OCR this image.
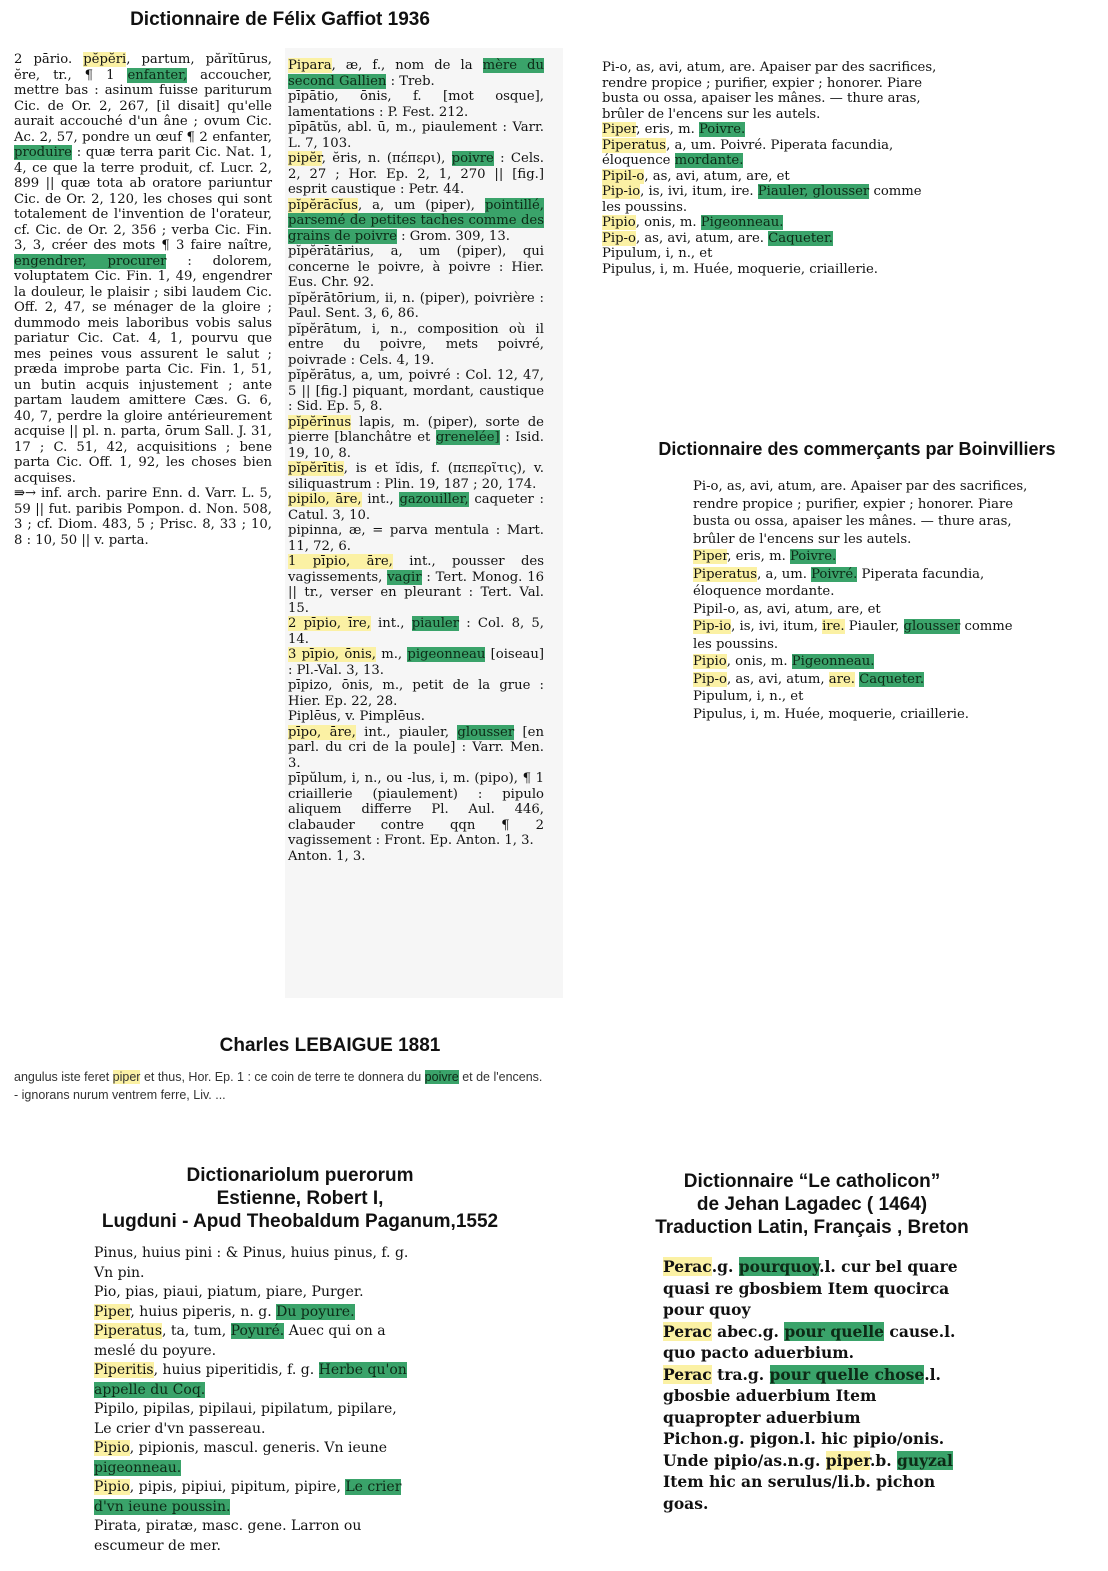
Dictionnaire de Félix Gaffiot 1936
2 pārio. pĕpĕri, partum, părĭtūrus, ĕre, tr., ¶ 1 enfanter, accoucher, mettre bas : asinum fuisse pariturum Cic. de Or. 2, 267, [il disait] qu'elle aurait accouché d'un âne ; ovum Cic. Ac. 2, 57, pondre un œuf ¶ 2 enfanter, produire : quæ terra parit Cic. Nat. 1, 4, ce que la terre produit, cf. Lucr. 2, 899 || quæ tota ab oratore pariuntur Cic. de Or. 2, 120, les choses qui sont totalement de l'invention de l'orateur, cf. Cic. de Or. 2, 356 ; verba Cic. Fin. 3, 3, créer des mots ¶ 3 faire naître, engendrer, procurer : dolorem, voluptatem Cic. Fin. 1, 49, engendrer la douleur, le plaisir ; sibi laudem Cic. Off. 2, 47, se ménager de la gloire ; dummodo meis laboribus vobis salus pariatur Cic. Cat. 4, 1, pourvu que mes peines vous assurent le salut ; præda improbe parta Cic. Fin. 1, 51, un butin acquis injustement ; ante partam laudem amittere Cæs. G. 6, 40, 7, perdre la gloire antérieurement acquise || pl. n. parta, ōrum Sall. J. 31, 17 ; C. 51, 42, acquisitions ; bene parta Cic. Off. 1, 92, les choses bien acquises.
⇛→ inf. arch. parire Enn. d. Varr. L. 5, 59 || fut. paribis Pompon. d. Non. 508, 3 ; cf. Diom. 483, 5 ; Prisc. 8, 33 ; 10, 8 : 10, 50 || v. parta.
Pipara, æ, f., nom de la mère du second Gallien : Treb.
pīpātio, ōnis, f. [mot osque], lamentations : P. Fest. 212.
pīpātŭs, abl. ū, m., piaulement : Varr. L. 7, 103.
pipĕr, ĕris, n. (πέπερι), poivre : Cels. 2, 27 ; Hor. Ep. 2, 1, 270 || [fig.] esprit caustique : Petr. 44.
pĭpĕrācĭus, a, um (piper), pointillé, parsemé de petites taches comme des grains de poivre : Grom. 309, 13.
pĭpĕrātārius, a, um (piper), qui concerne le poivre, à poivre : Hier. Eus. Chr. 92.
pĭpĕrātōrium, ii, n. (piper), poivrière : Paul. Sent. 3, 6, 86.
pĭpĕrātum, i, n., composition où il entre du poivre, mets poivré, poivrade : Cels. 4, 19.
pĭpĕrātus, a, um, poivré : Col. 12, 47, 5 || [fig.] piquant, mordant, caustique : Sid. Ep. 5, 8.
pĭpĕrīnus lapis, m. (piper), sorte de pierre [blanchâtre et grenelée] : Isid. 19, 10, 8.
pĭpĕrītis, is et ĭdis, f. (πεπερῖτις), v. siliquastrum : Plin. 19, 187 ; 20, 174.
pipilo, āre, int., gazouiller, caqueter : Catul. 3, 10.
pipinna, æ, = parva mentula : Mart. 11, 72, 6.
1 pīpio, āre, int., pousser des vagissements, vagir : Tert. Monog. 16 || tr., verser en pleurant : Tert. Val. 15.
2 pīpio, īre, int., piauler : Col. 8, 5, 14.
3 pīpio, ōnis, m., pigeonneau [oiseau] : Pl.-Val. 3, 13.
pīpizo, ōnis, m., petit de la grue : Hier. Ep. 22, 28.
Piplēus, v. Pimplēus.
pīpo, āre, int., piauler, glousser [en parl. du cri de la poule] : Varr. Men. 3.
pīpŭlum, i, n., ou -lus, i, m. (pipo), ¶ 1 criaillerie (piaulement) : pipulo aliquem differre Pl. Aul. 446, clabauder contre qqn ¶ 2 vagissement : Front. Ep. Anton. 1, 3.
Anton. 1, 3.
Pi-o, as, avi, atum, are. Apaiser par des sacrifices, rendre propice ; purifier, expier ; honorer. Piare busta ou ossa, apaiser les mânes. — thure aras, brûler de l'encens sur les autels.
Piper, eris, m. Poivre.
Piperatus, a, um. Poivré. Piperata facundia, éloquence mordante.
Pipil-o, as, avi, atum, are, et
Pip-io, is, ivi, itum, ire. Piauler, glousser comme les poussins.
Pipio, onis, m. Pigeonneau.
Pip-o, as, avi, atum, are. Caqueter.
Pipulum, i, n., et
Pipulus, i, m. Huée, moquerie, criaillerie.
Dictionnaire des commerçants par Boinvilliers
Pi-o, as, avi, atum, are. Apaiser par des sacrifices, rendre propice ; purifier, expier ; honorer. Piare busta ou ossa, apaiser les mânes. — thure aras, brûler de l'encens sur les autels.
Piper, eris, m. Poivre.
Piperatus, a, um. Poivré. Piperata facundia, éloquence mordante.
Pipil-o, as, avi, atum, are, et
Pip-io, is, ivi, itum, ire. Piauler, glousser comme les poussins.
Pipio, onis, m. Pigeonneau.
Pip-o, as, avi, atum, are. Caqueter.
Pipulum, i, n., et
Pipulus, i, m. Huée, moquerie, criaillerie.
Charles LEBAIGUE 1881
angulus iste feret piper et thus, Hor. Ep. 1 : ce coin de terre te donnera du poivre et de l'encens.
- ignorans nurum ventrem ferre, Liv. ...
Dictionariolum puerorum
Estienne, Robert I,
Lugduni - Apud Theobaldum Paganum,1552
Pinus, huius pini : & Pinus, huius pinus, f. g. Vn pin.
Pio, pias, piaui, piatum, piare, Purger.
Piper, huius piperis, n. g. Du poyure.
Piperatus, ta, tum, Poyuré. Auec qui on a meslé du poyure.
Piperitis, huius piperitidis, f. g. Herbe qu'on appelle du Coq.
Pipilo, pipilas, pipilaui, pipilatum, pipilare, Le crier d'vn passereau.
Pipio, pipionis, mascul. generis. Vn ieune pigeonneau.
Pipio, pipis, pipiui, pipitum, pipire, Le crier d'vn ieune poussin.
Pirata, piratæ, masc. gene. Larron ou escumeur de mer.
Dictionnaire “Le catholicon”
de Jehan Lagadec ( 1464)
Traduction Latin, Français , Breton
Perac.g. pourquoy.l. cur bel quare quasi re gbosbiem Item quocirca pour quoy
Perac abec.g. pour quelle cause.l. quo pacto aduerbium.
Perac tra.g. pour quelle chose.l. gbosbie aduerbium Item quapropter aduerbium
Pichon.g. pigon.l. hic pipio/onis. Unde pipio/as.n.g. piper.b. guyzal Item hic an serulus/li.b. pichon goas.
